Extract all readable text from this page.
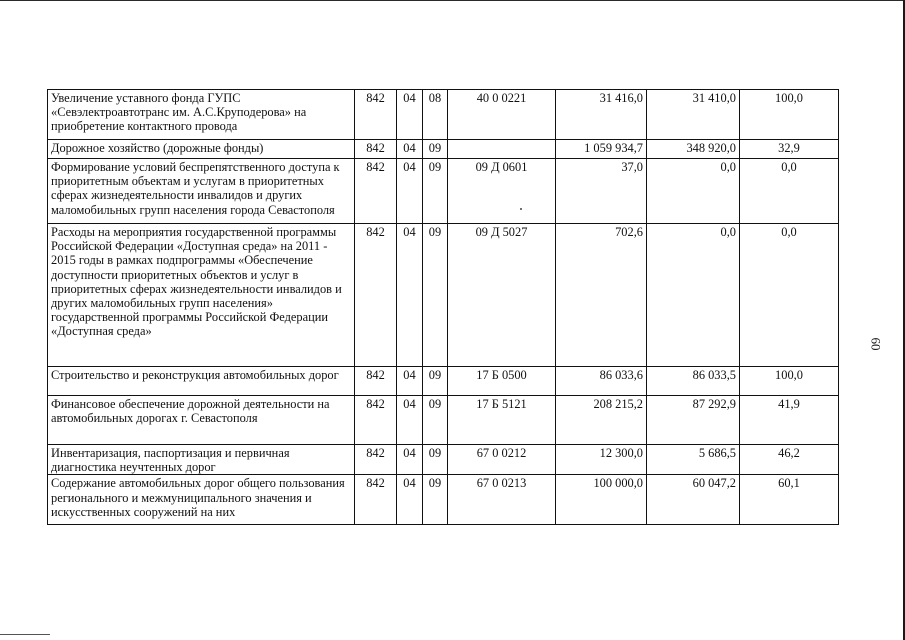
Увеличение уставного фонда ГУПС «Севэлектроавтотранс им. А.С.Круподерова» на приобретение контактного провода	842	04	08	40 0 0221	31 416,0	31 410,0	100,0
Дорожное хозяйство (дорожные фонды)	842	04	09		1 059 934,7	348 920,0	32,9
Формирование условий беспрепятственного доступа к приоритетным объектам и услугам в приоритетных сферах жизнедеятельности инвалидов и других маломобильных групп населения города Севастополя	842	04	09	09 Д 0601	37,0	0,0	0,0
Расходы на мероприятия государственной программы Российской Федерации «Доступная среда» на 2011 - 2015 годы в рамках подпрограммы «Обеспечение доступности приоритетных объектов и услуг в приоритетных сферах жизнедеятельности инвалидов и других маломобильных групп населения» государственной программы Российской Федерации «Доступная среда»	842	04	09	09 Д 5027	702,6	0,0	0,0
Строительство и реконструкция автомобильных дорог	842	04	09	17 Б 0500	86 033,6	86 033,5	100,0
Финансовое обеспечение дорожной деятельности на автомобильных дорогах г. Севастополя	842	04	09	17 Б 5121	208 215,2	87 292,9	41,9
Инвентаризация, паспортизация и первичная диагностика неучтенных дорог	842	04	09	67 0 0212	12 300,0	5 686,5	46,2
Содержание автомобильных дорог общего пользования регионального и межмуниципального значения и искусственных сооружений на них	842	04	09	67 0 0213	100 000,0	60 047,2	60,1
60
